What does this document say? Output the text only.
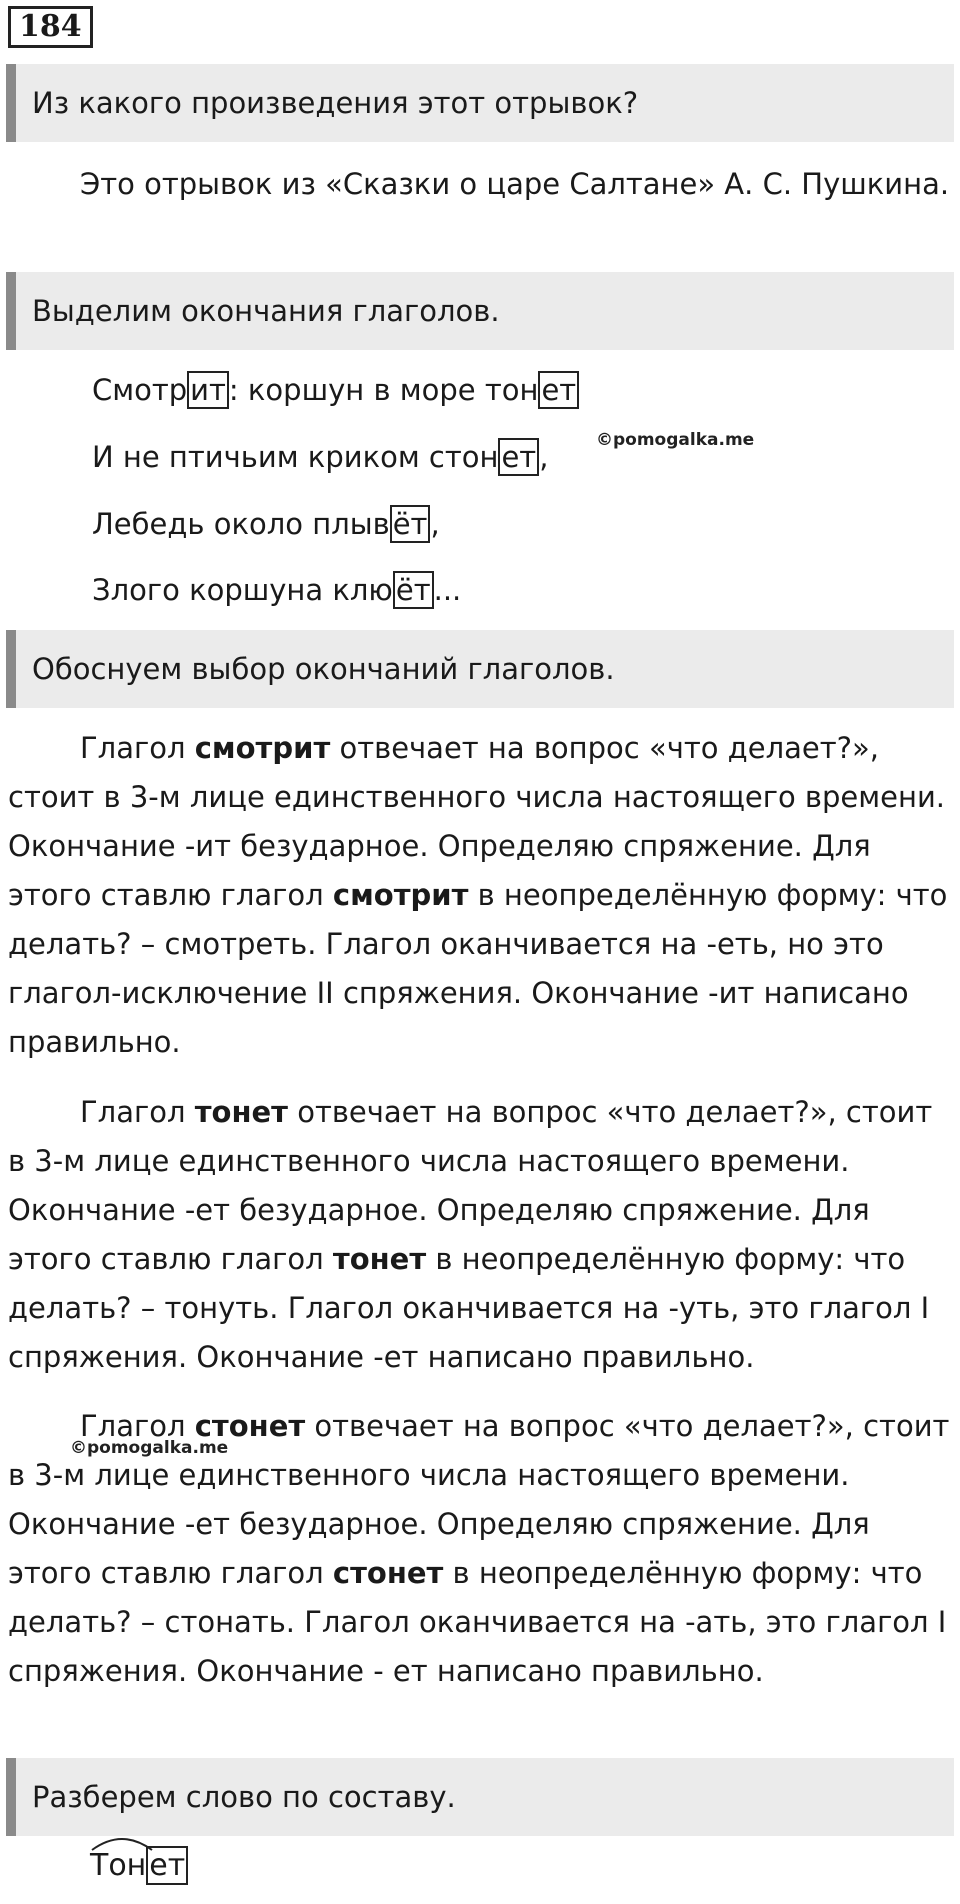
184
Из какого произведения этот отрывок?

Это отрывок из «Сказки о царе Салтане» А. С. Пушкина.

Выделим окончания глаголов.
Смотр ит : коршун в море тон ет
И не птичьим криком стон ет ,
Лебедь около плыв ёт ,
Злого коршуна клю ёт ...
©pomogalka.me
Обоснуем выбор окончаний глаголов.

Глагол смотрит отвечает на вопрос «что делает?», стоит в 3-м лице единственного числа настоящего времени. Окончание -ит безударное. Определяю спряжение. Для этого ставлю глагол смотрит в неопределённую форму: что делать? – смотреть. Глагол оканчивается на -еть, но это глагол-исключение II спряжения. Окончание -ит написано правильно.

Глагол тонет отвечает на вопрос «что делает?», стоит в 3-м лице единственного числа настоящего времени. Окончание -ет безударное. Определяю спряжение. Для этого ставлю глагол тонет в неопределённую форму: что делать? – тонуть. Глагол оканчивается на -уть, это глагол I спряжения. Окончание -ет написано правильно.

Глагол стонет отвечает на вопрос «что делает?», стоит в 3-м лице единственного числа настоящего времени. Окончание -ет безударное. Определяю спряжение. Для этого ставлю глагол стонет в неопределённую форму: что делать? – стонать. Глагол оканчивается на -ать, это глагол I спряжения. Окончание - ет написано правильно.

©pomogalka.me
Разберем слово по составу.
Тон ет
